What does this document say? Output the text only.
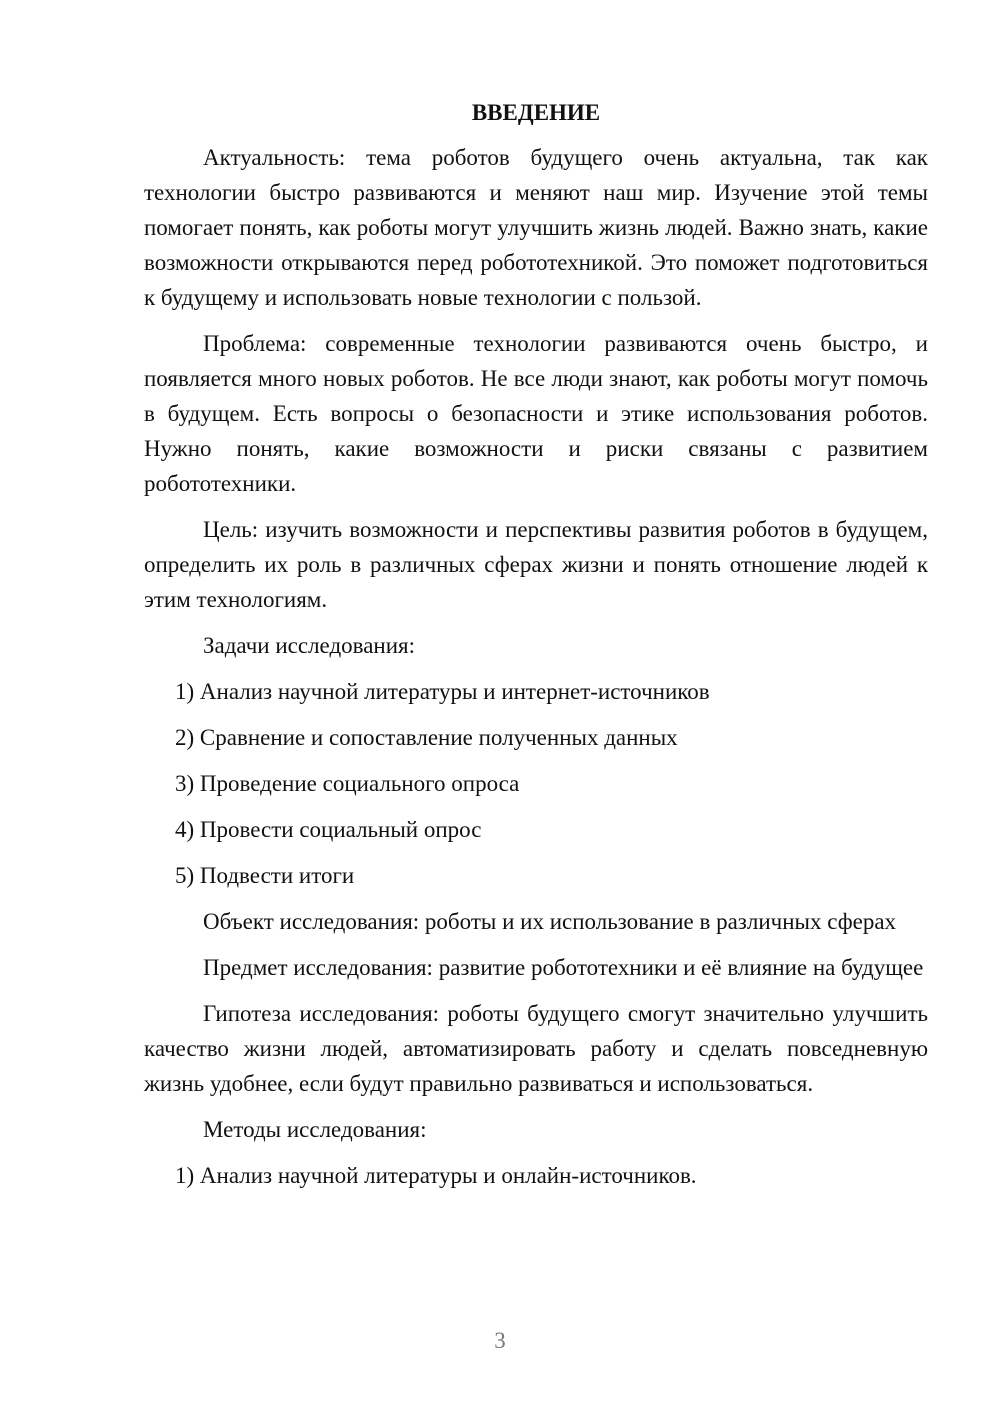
ВВЕДЕНИЕ

Актуальность: тема роботов будущего очень актуальна, так как технологии быстро развиваются и меняют наш мир. Изучение этой темы помогает понять, как роботы могут улучшить жизнь людей. Важно знать, какие возможности открываются перед робототехникой. Это поможет подготовиться к будущему и использовать новые технологии с пользой.

Проблема: современные технологии развиваются очень быстро, и появляется много новых роботов. Не все люди знают, как роботы могут помочь в будущем. Есть вопросы о безопасности и этике использования роботов. Нужно понять, какие возможности и риски связаны с развитием робототехники.

Цель: изучить возможности и перспективы развития роботов в будущем, определить их роль в различных сферах жизни и понять отношение людей к этим технологиям.

Задачи исследования:
1) Анализ научной литературы и интернет-источников
2) Сравнение и сопоставление полученных данных
3) Проведение социального опроса
4) Провести социальный опрос
5) Подвести итоги

Объект исследования: роботы и их использование в различных сферах

Предмет исследования: развитие робототехники и её влияние на будущее

Гипотеза исследования: роботы будущего смогут значительно улучшить качество жизни людей, автоматизировать работу и сделать повседневную жизнь удобнее, если будут правильно развиваться и использоваться.

Методы исследования:
1) Анализ научной литературы и онлайн-источников.
3
